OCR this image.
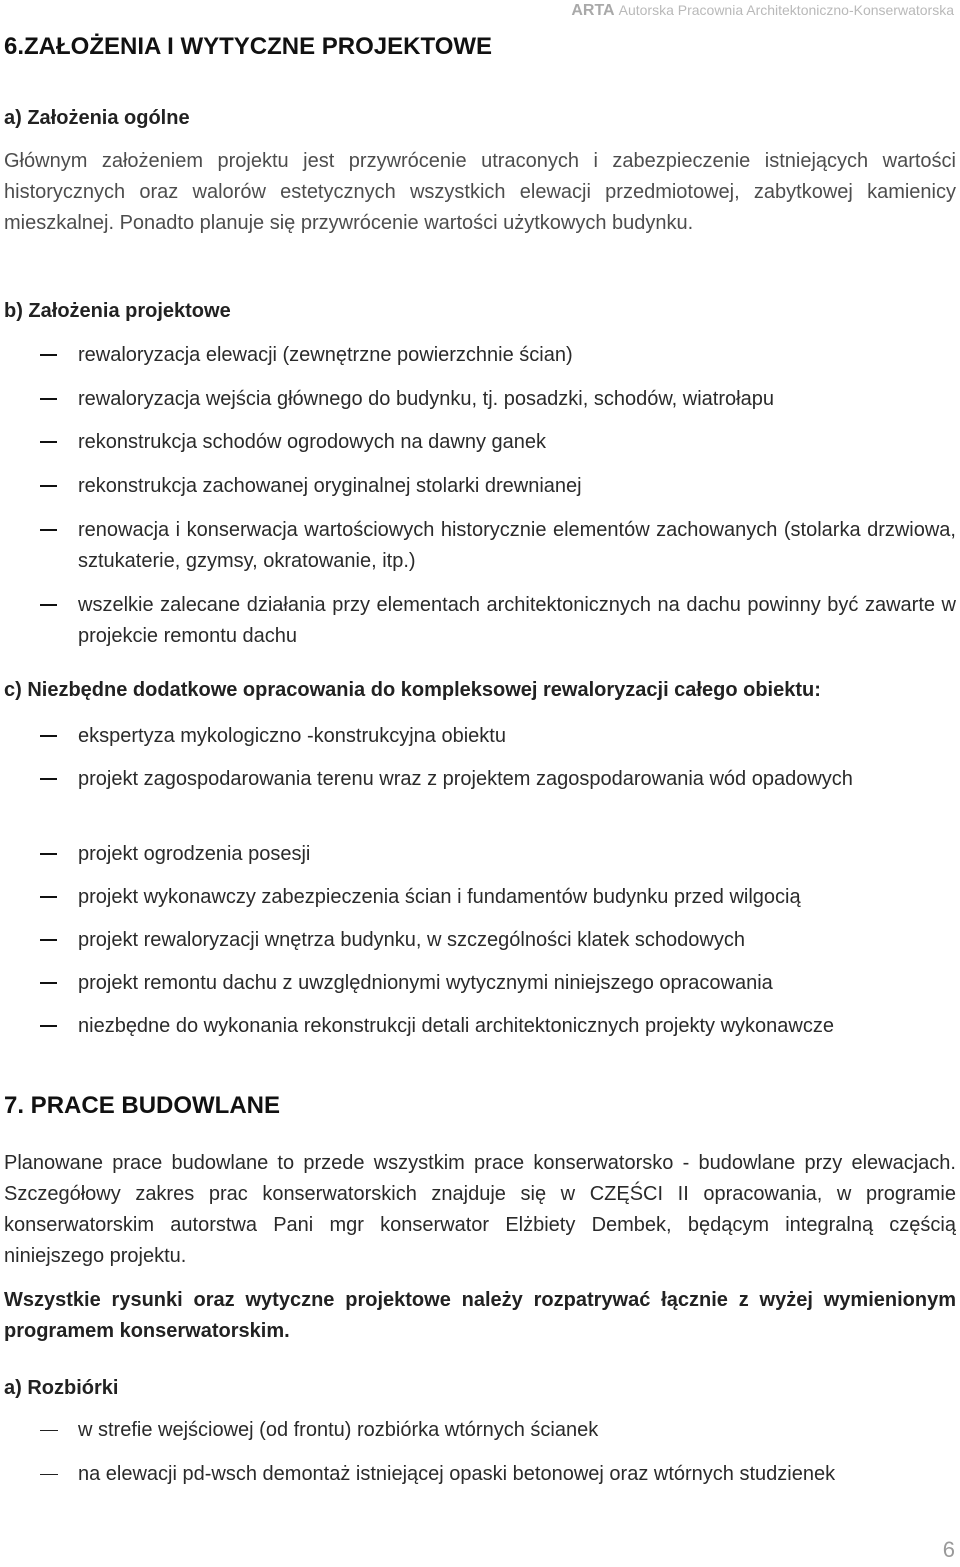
ARTA Autorska Pracownia Architektoniczno-Konserwatorska
6.ZAŁOŻENIA I WYTYCZNE PROJEKTOWE
a) Założenia ogólne
Głównym założeniem projektu jest przywrócenie utraconych i zabezpieczenie istniejących wartości historycznych oraz walorów estetycznych wszystkich elewacji przedmiotowej, zabytkowej kamienicy mieszkalnej. Ponadto planuje się przywrócenie wartości użytkowych budynku.
b) Założenia projektowe
rewaloryzacja elewacji (zewnętrzne powierzchnie ścian)
rewaloryzacja wejścia głównego do budynku, tj. posadzki, schodów, wiatrołapu
rekonstrukcja schodów ogrodowych na dawny ganek
rekonstrukcja zachowanej oryginalnej stolarki drewnianej
renowacja i konserwacja wartościowych historycznie elementów zachowanych (stolarka drzwiowa, sztukaterie, gzymsy, okratowanie, itp.)
wszelkie zalecane działania przy elementach architektonicznych na dachu powinny być zawarte w projekcie remontu dachu
c) Niezbędne dodatkowe opracowania do kompleksowej rewaloryzacji całego obiektu:
ekspertyza mykologiczno -konstrukcyjna obiektu
projekt zagospodarowania terenu wraz z projektem zagospodarowania wód opadowych
projekt ogrodzenia posesji
projekt wykonawczy zabezpieczenia ścian i fundamentów budynku przed wilgocią
projekt rewaloryzacji wnętrza budynku, w szczególności klatek schodowych
projekt remontu dachu z uwzględnionymi wytycznymi niniejszego opracowania
niezbędne do wykonania rekonstrukcji detali architektonicznych projekty wykonawcze
7. PRACE BUDOWLANE
Planowane prace budowlane to przede wszystkim prace konserwatorsko - budowlane przy elewacjach. Szczegółowy zakres prac konserwatorskich znajduje się w CZĘŚCI II opracowania, w programie konserwatorskim autorstwa Pani mgr konserwator Elżbiety Dembek, będącym integralną częścią niniejszego projektu.
Wszystkie rysunki oraz wytyczne projektowe należy rozpatrywać łącznie z wyżej wymienionym programem konserwatorskim.
a) Rozbiórki
w strefie wejściowej (od frontu) rozbiórka wtórnych ścianek
na elewacji pd-wsch demontaż istniejącej opaski betonowej oraz wtórnych studzienek
6
